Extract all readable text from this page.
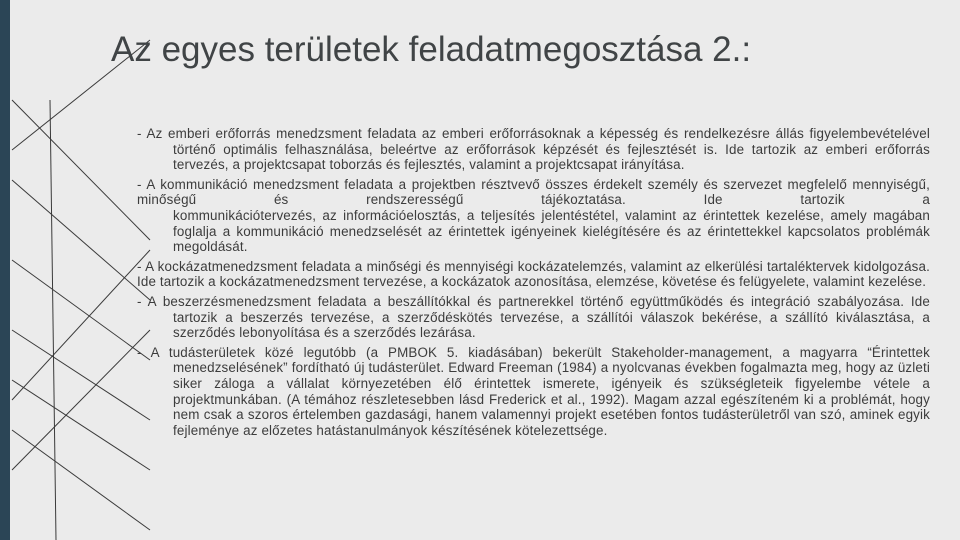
Az egyes területek feladatmegosztása 2.:

- Az emberi erőforrás menedzsment feladata az emberi erőforrásoknak a képesség és rendelkezésre állás figyelembevételével történő optimális felhasználása, beleértve az erőforrások képzését és fejlesztését is. Ide tartozik az emberi erőforrás tervezés, a projektcsapat toborzás és fejlesztés, valamint a projektcsapat irányítása.

- A kommunikáció menedzsment feladata a projektben résztvevő összes érdekelt személy és szervezet megfelelő mennyiségű, minőségű és rendszerességű tájékoztatása. Ide tartozik a
kommunikációtervezés, az információelosztás, a teljesítés jelentéstétel, valamint az érintettek kezelése, amely magában foglalja a kommunikáció menedzselését az érintettek igényeinek kielégítésére és az érintettekkel kapcsolatos problémák megoldását.

- A kockázatmenedzsment feladata a minőségi és mennyiségi kockázatelemzés, valamint az elkerülési tartaléktervek kidolgozása. Ide tartozik a kockázatmenedzsment tervezése, a kockázatok azonosítása, elemzése, követése és felügyelete, valamint kezelése.

- A beszerzésmenedzsment feladata a beszállítókkal és partnerekkel történő együttműködés és integráció szabályozása. Ide tartozik a beszerzés tervezése, a szerződéskötés tervezése, a szállítói válaszok bekérése, a szállító kiválasztása, a szerződés lebonyolítása és a szerződés lezárása.

- A tudásterületek közé legutóbb (a PMBOK 5. kiadásában) bekerült Stakeholder-management, a magyarra “Érintettek menedzselésének” fordítható új tudásterület. Edward Freeman (1984) a nyolcvanas években fogalmazta meg, hogy az üzleti siker záloga a vállalat környezetében élő érintettek ismerete, igényeik és szükségleteik figyelembe vétele a projektmunkában. (A témához részletesebben lásd Frederick et al., 1992). Magam azzal egészíteném ki a problémát, hogy nem csak a szoros értelemben gazdasági, hanem valamennyi projekt esetében fontos tudásterületről van szó, aminek egyik fejleménye az előzetes hatástanulmányok készítésének kötelezettsége.
